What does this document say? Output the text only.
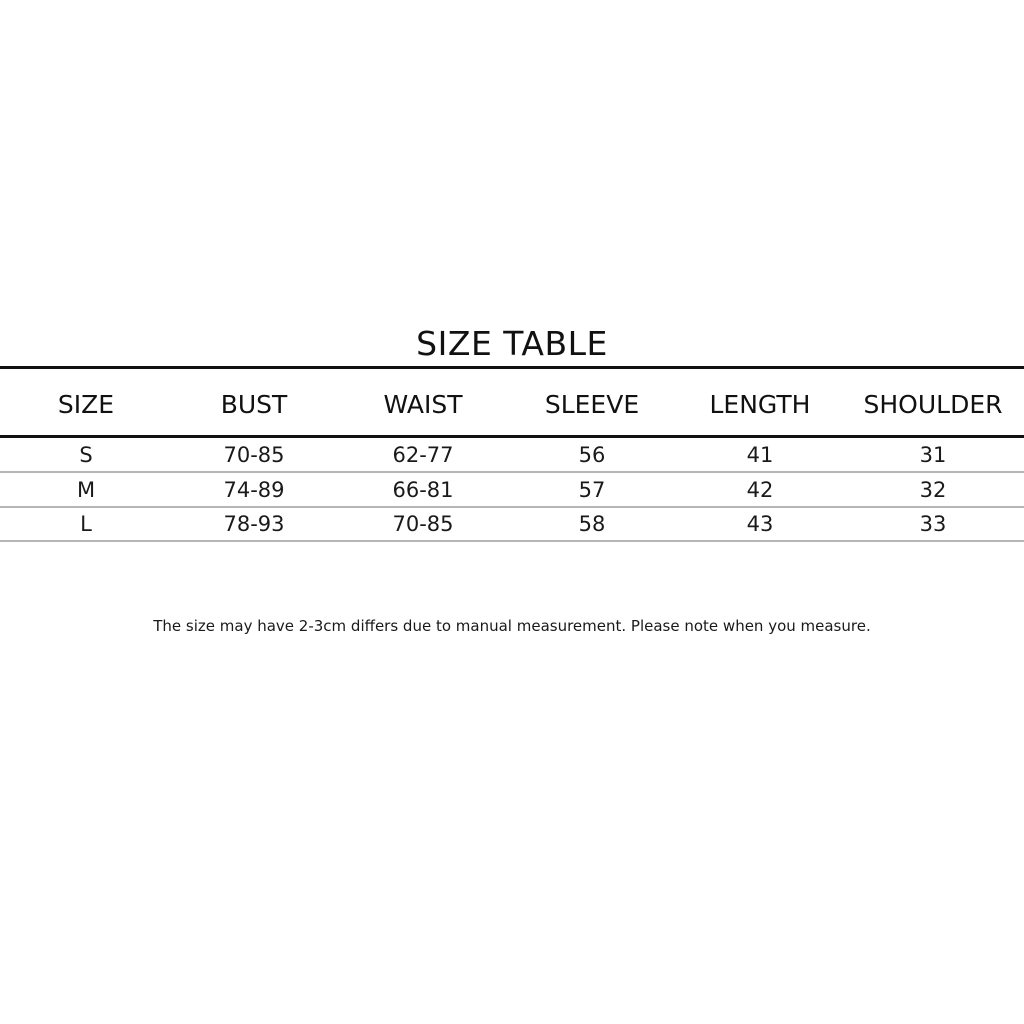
SIZE TABLE
SIZE	BUST	WAIST	SLEEVE	LENGTH	SHOULDER
S	70-85	62-77	56	41	31
M	74-89	66-81	57	42	32
L	78-93	70-85	58	43	33
The size may have 2-3cm differs due to manual measurement. Please note when you measure.
